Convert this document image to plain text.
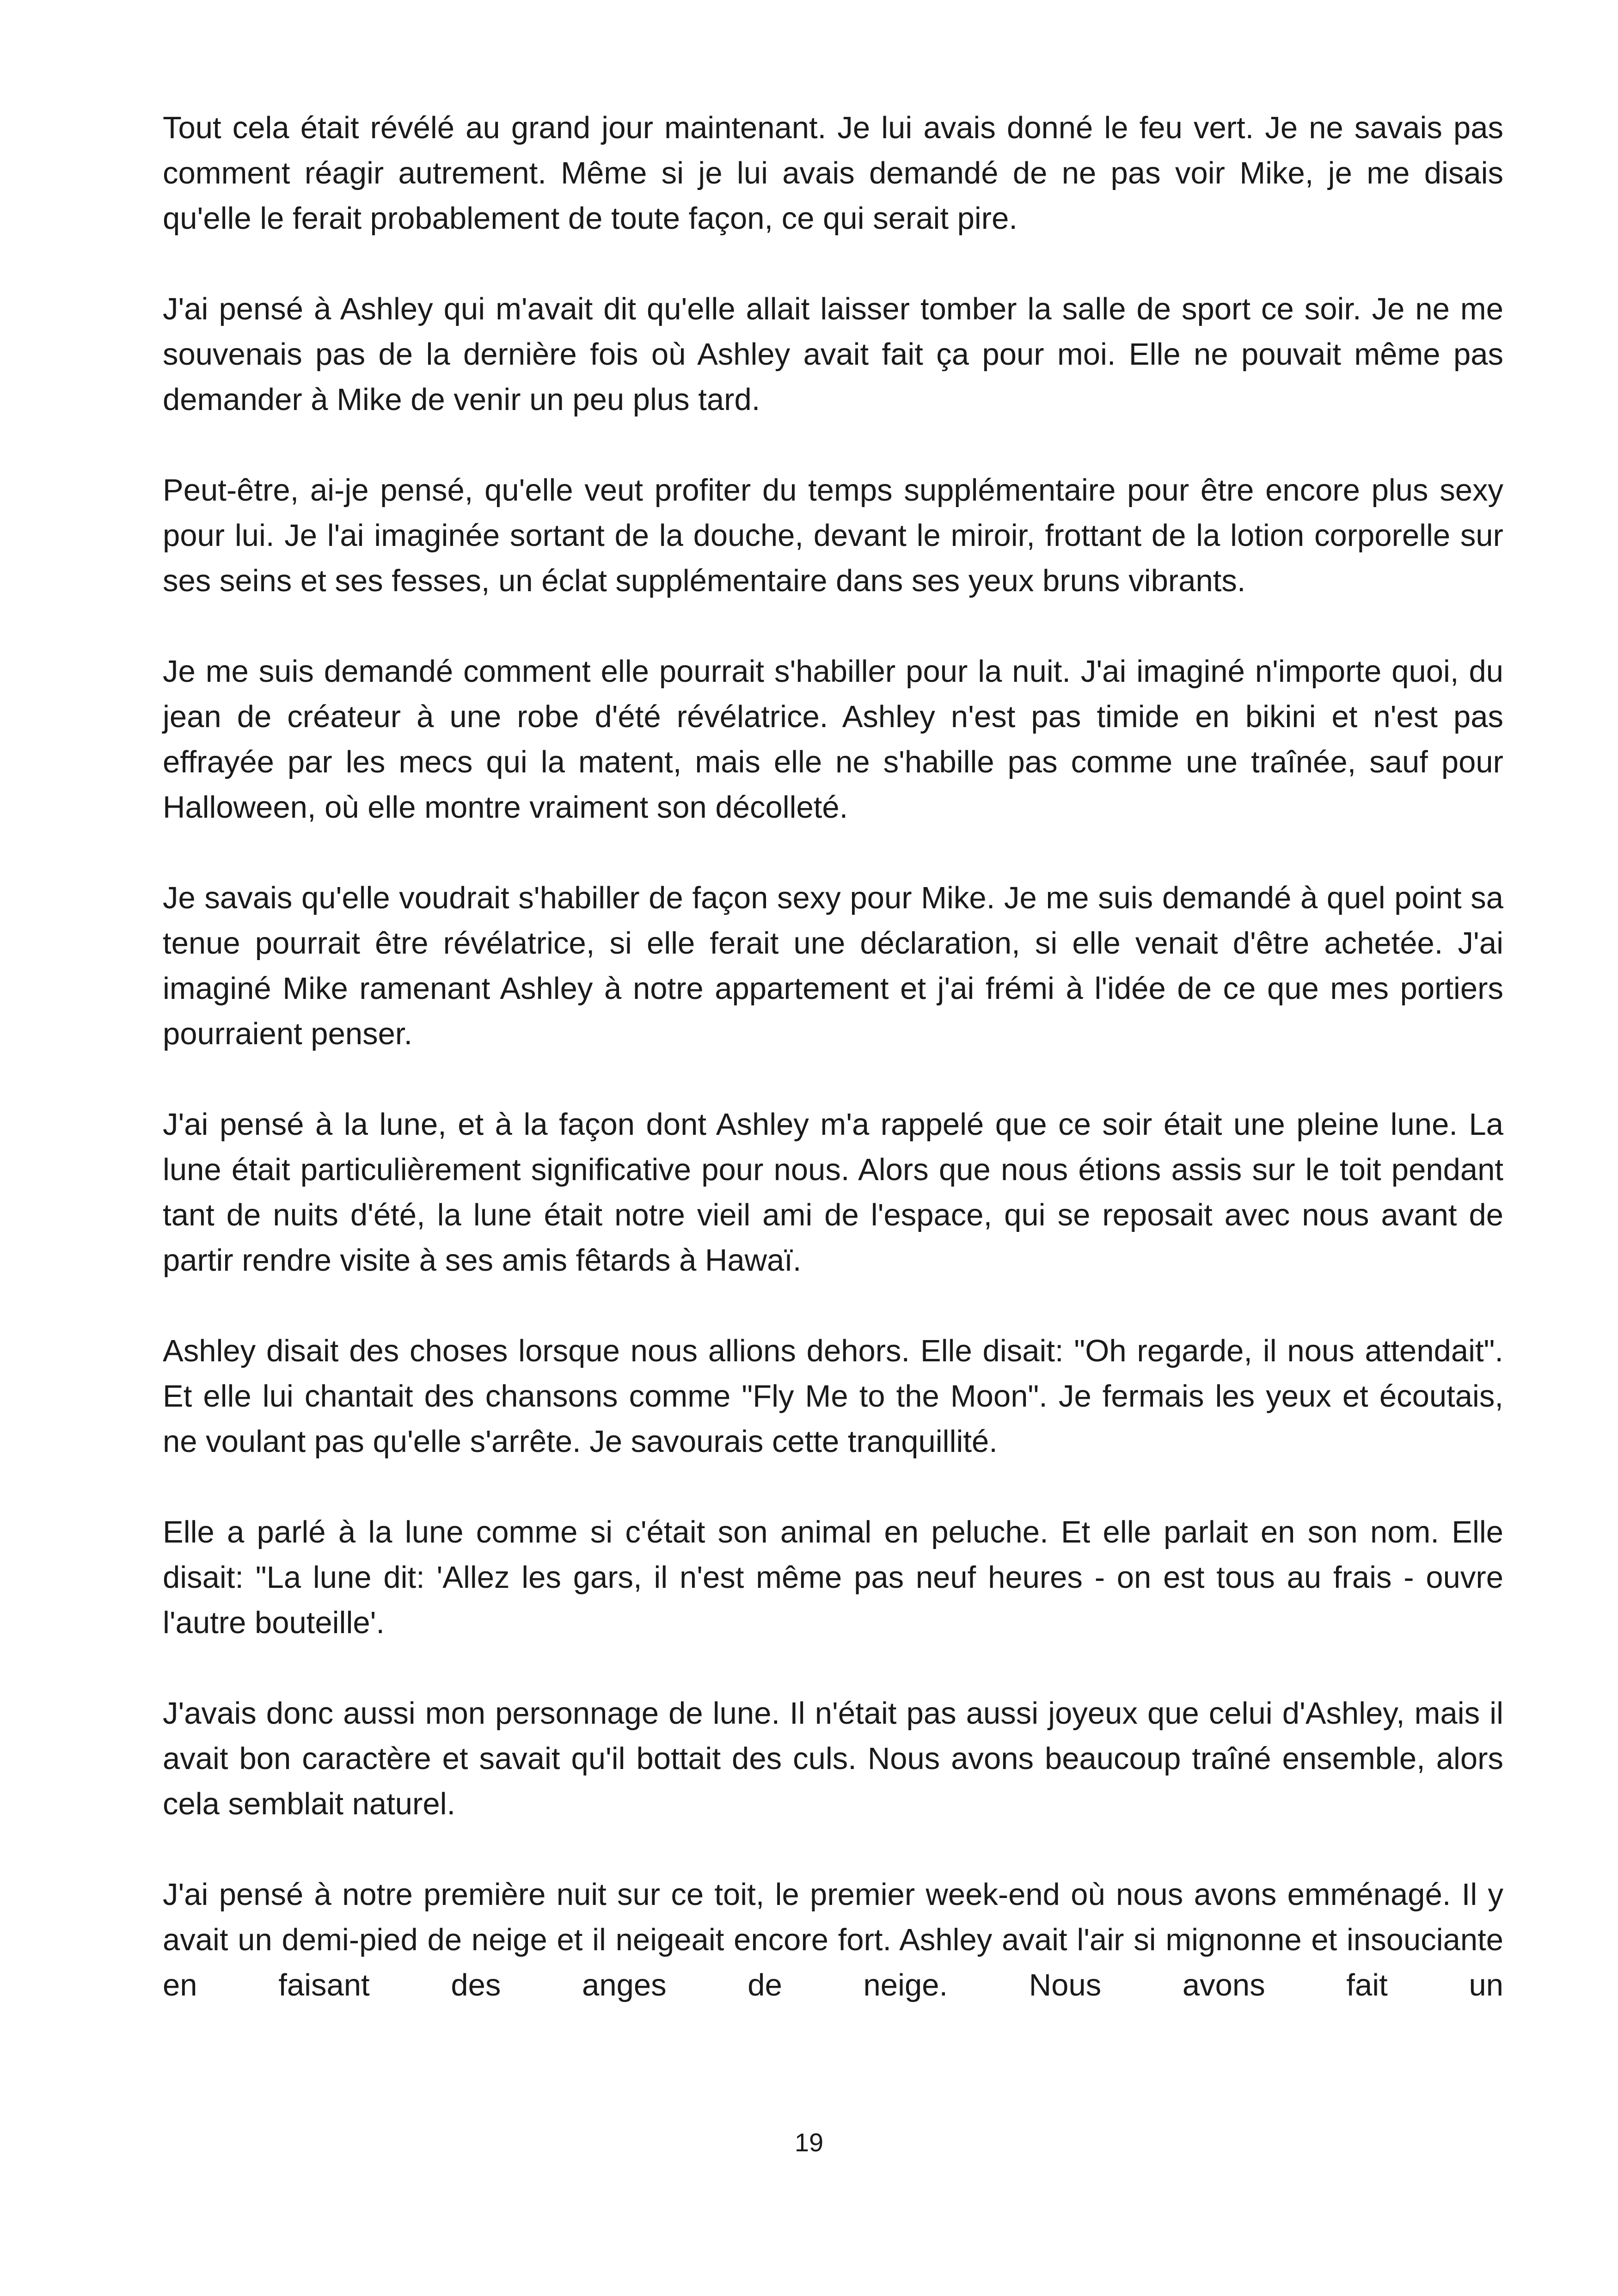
Tout cela était révélé au grand jour maintenant. Je lui avais donné le feu vert. Je ne savais pas comment réagir autrement. Même si je lui avais demandé de ne pas voir Mike, je me disais qu'elle le ferait probablement de toute façon, ce qui serait pire.

J'ai pensé à Ashley qui m'avait dit qu'elle allait laisser tomber la salle de sport ce soir. Je ne me souvenais pas de la dernière fois où Ashley avait fait ça pour moi. Elle ne pouvait même pas demander à Mike de venir un peu plus tard.

Peut-être, ai-je pensé, qu'elle veut profiter du temps supplémentaire pour être encore plus sexy pour lui. Je l'ai imaginée sortant de la douche, devant le miroir, frottant de la lotion corporelle sur ses seins et ses fesses, un éclat supplémentaire dans ses yeux bruns vibrants.

Je me suis demandé comment elle pourrait s'habiller pour la nuit. J'ai imaginé n'importe quoi, du jean de créateur à une robe d'été révélatrice. Ashley n'est pas timide en bikini et n'est pas effrayée par les mecs qui la matent, mais elle ne s'habille pas comme une traînée, sauf pour Halloween, où elle montre vraiment son décolleté.

Je savais qu'elle voudrait s'habiller de façon sexy pour Mike. Je me suis demandé à quel point sa tenue pourrait être révélatrice, si elle ferait une déclaration, si elle venait d'être achetée. J'ai imaginé Mike ramenant Ashley à notre appartement et j'ai frémi à l'idée de ce que mes portiers pourraient penser.

J'ai pensé à la lune, et à la façon dont Ashley m'a rappelé que ce soir était une pleine lune. La lune était particulièrement significative pour nous. Alors que nous étions assis sur le toit pendant tant de nuits d'été, la lune était notre vieil ami de l'espace, qui se reposait avec nous avant de partir rendre visite à ses amis fêtards à Hawaï.

Ashley disait des choses lorsque nous allions dehors. Elle disait: "Oh regarde, il nous attendait". Et elle lui chantait des chansons comme "Fly Me to the Moon". Je fermais les yeux et écoutais, ne voulant pas qu'elle s'arrête. Je savourais cette tranquillité.

Elle a parlé à la lune comme si c'était son animal en peluche. Et elle parlait en son nom. Elle disait: "La lune dit: 'Allez les gars, il n'est même pas neuf heures - on est tous au frais - ouvre l'autre bouteille'.

J'avais donc aussi mon personnage de lune. Il n'était pas aussi joyeux que celui d'Ashley, mais il avait bon caractère et savait qu'il bottait des culs. Nous avons beaucoup traîné ensemble, alors cela semblait naturel.

J'ai pensé à notre première nuit sur ce toit, le premier week-end où nous avons emménagé. Il y avait un demi-pied de neige et il neigeait encore fort. Ashley avait l'air si mignonne et insouciante en faisant des anges de neige. Nous avons fait un

19
